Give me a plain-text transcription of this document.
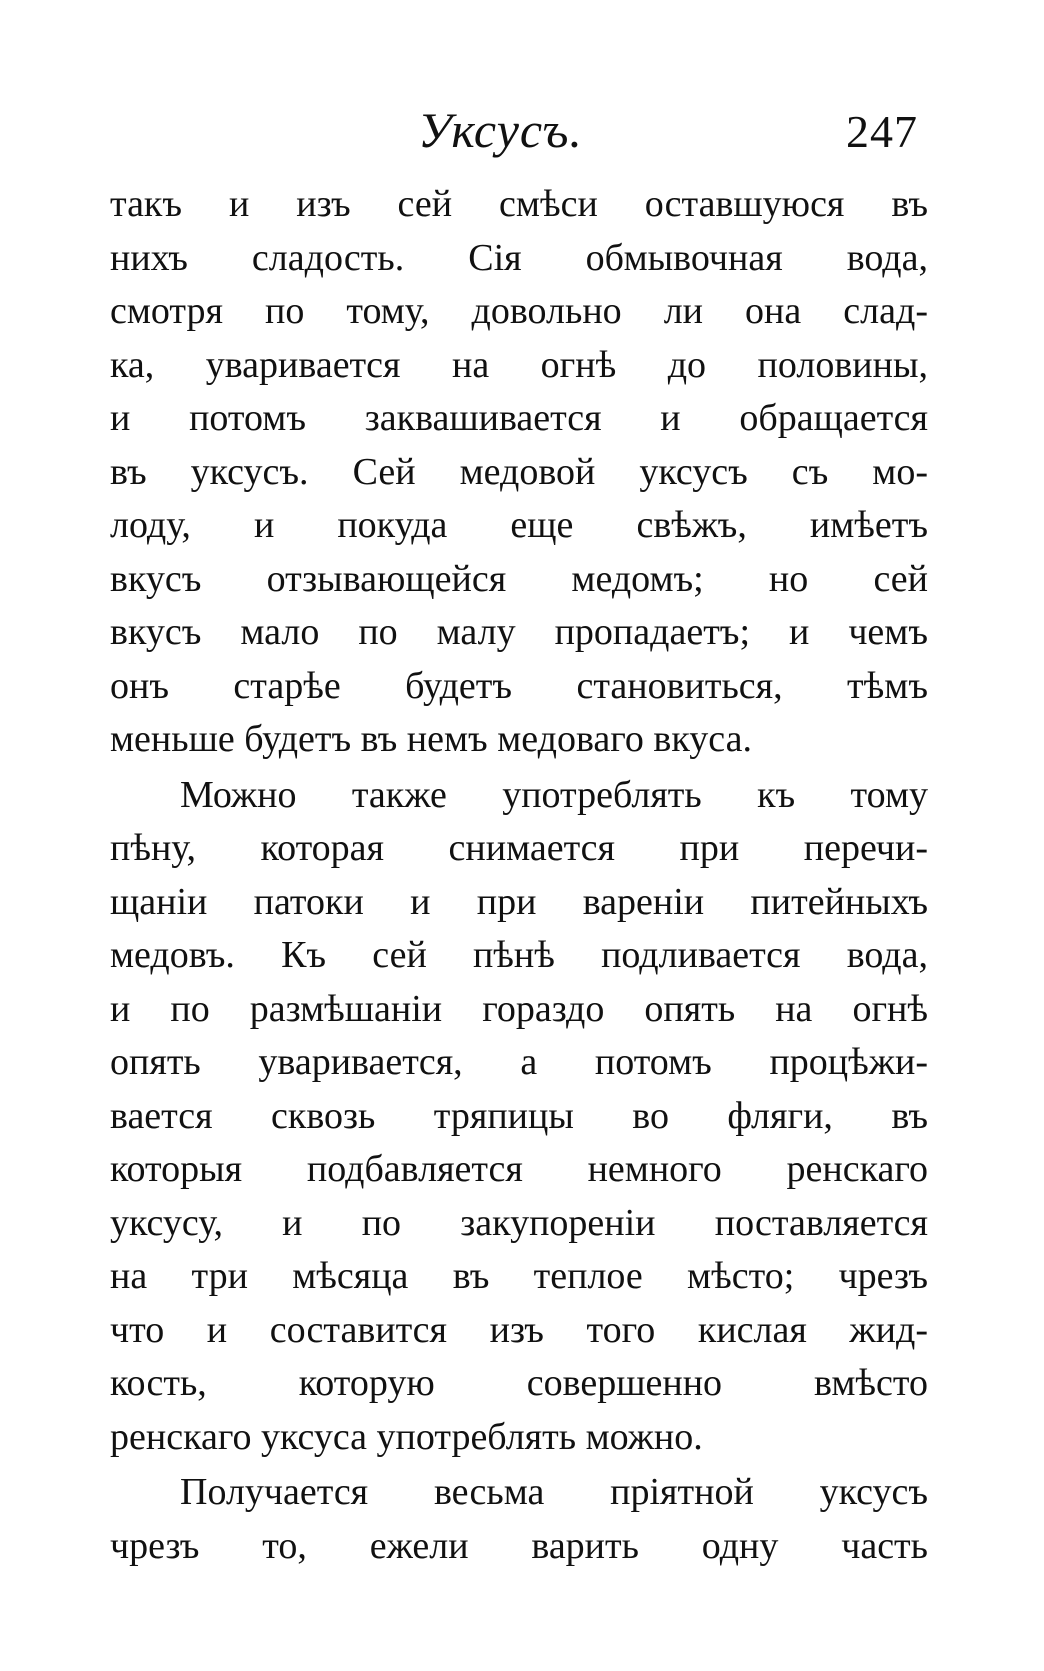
Уксусъ.	247
такъ и изъ сей смѣси оставшуюся въ
нихъ сладость. Сія обмывочная вода,
смотря по тому, довольно ли она слад-
ка, увариваетcя на огнѣ до половины,
и потомъ заквашивается и обращается
въ уксусъ. Сей медовой уксусъ съ мо-
лоду, и покуда еще свѣжъ, имѣетъ
вкусъ отзывающейся медомъ; но сей
вкусъ мало по малу пропадаетъ; и чемъ
онъ старѣе будетъ становиться, тѣмъ
меньше будетъ въ немъ медоваго вкуса.
Можно также употреблять къ тому
пѣну, которая снимается при перечи-
щаніи патоки и при вареніи питейныхъ
медовъ. Къ сей пѣнѣ подливается вода,
и по размѣшаніи гораздо опять на огнѣ
опять увариваетcя, а потомъ процѣжи-
вается сквозь тряпицы во фляги, въ
которыя подбавляется немного ренскаго
уксусу, и по закупореніи поставляется
на три мѣсяца въ теплое мѣсто; чрезъ
что и составится изъ того кислая жид-
кость, которую совершенно вмѣсто
ренскаго уксуса употреблять можно.
Получается весьма пріятной уксусъ
чрезъ то, ежели варить одну часть
